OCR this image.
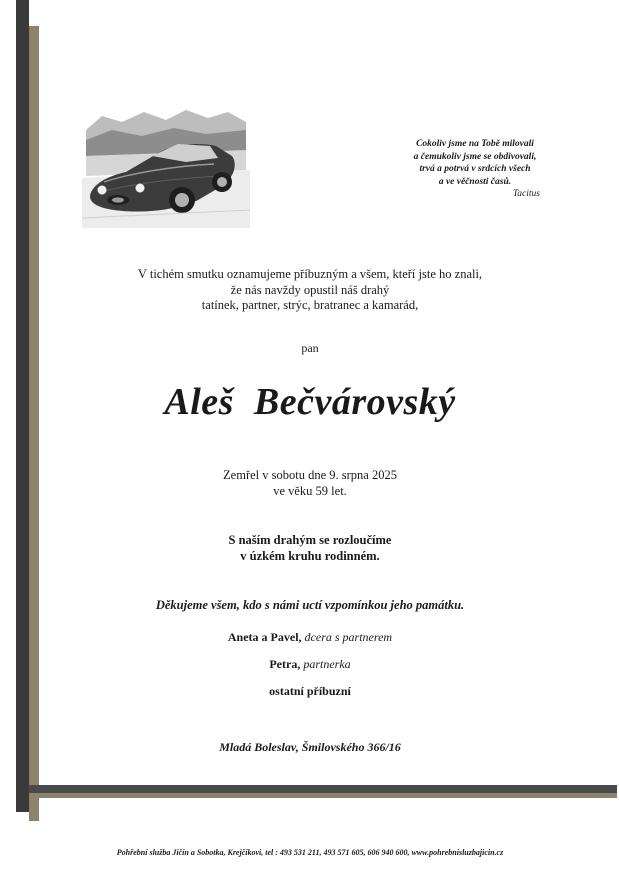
Cokoliv jsme na Tobě milovali
a čemukoliv jsme se obdivovali,
trvá a potrvá v srdcích všech
a ve věčnosti časů.
Tacitus
V tichém smutku oznamujeme příbuzným a všem, kteří jste ho znali,
že nás navždy opustil náš drahý
tatínek, partner, strýc, bratranec a kamarád,
pan
Aleš  Bečvárovský
Zemřel v sobotu dne 9. srpna 2025
ve věku 59 let.
S naším drahým se rozloučíme
v úzkém kruhu rodinném.
Děkujeme všem, kdo s námi uctí vzpomínkou jeho památku.
Aneta a Pavel, dcera s partnerem
Petra, partnerka
ostatní příbuzní
Mladá Boleslav, Šmilovského 366/16
Pohřební služba Jičín a Sobotka, Krejčíkovi, tel : 493 531 211, 493 571 605, 606 940 600, www.pohrebnisluzbajicin.cz
